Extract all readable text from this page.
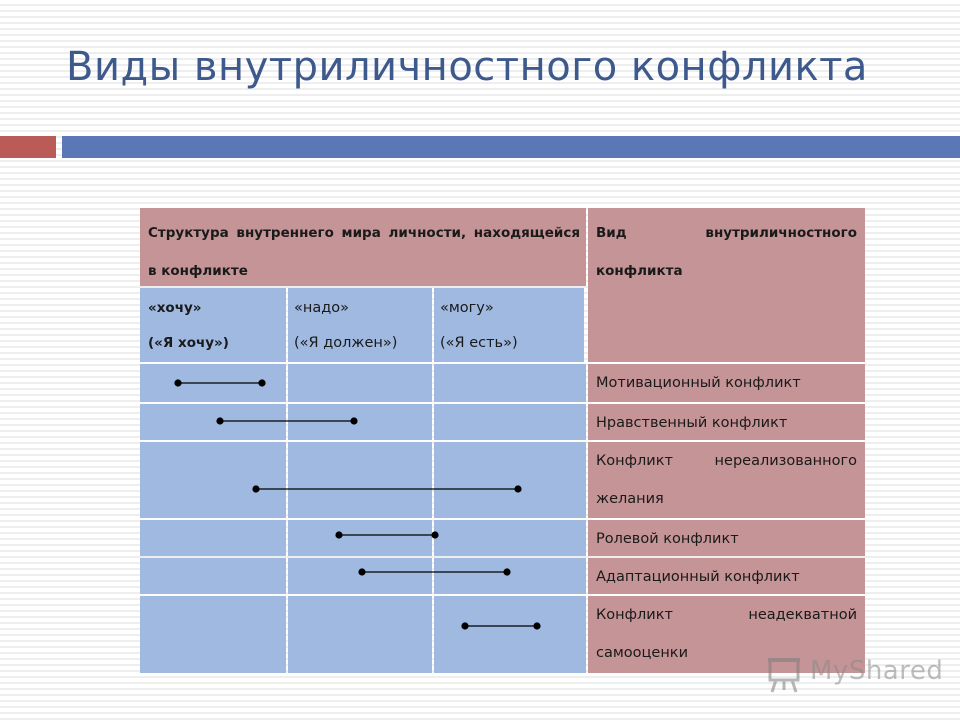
Виды внутриличностного конфликта
Структура внутреннего мира личности, находящейся в конфликте
Вид внутриличностного конфликта
«хочу»
(«Я хочу»)
«надо»
(«Я должен»)
«могу»
(«Я есть»)
Мотивационный конфликт
Нравственный конфликт
Конфликт нереализованного желания
Ролевой конфликт
Адаптационный конфликт
Конфликт неадекватной самооценки
MyShared
